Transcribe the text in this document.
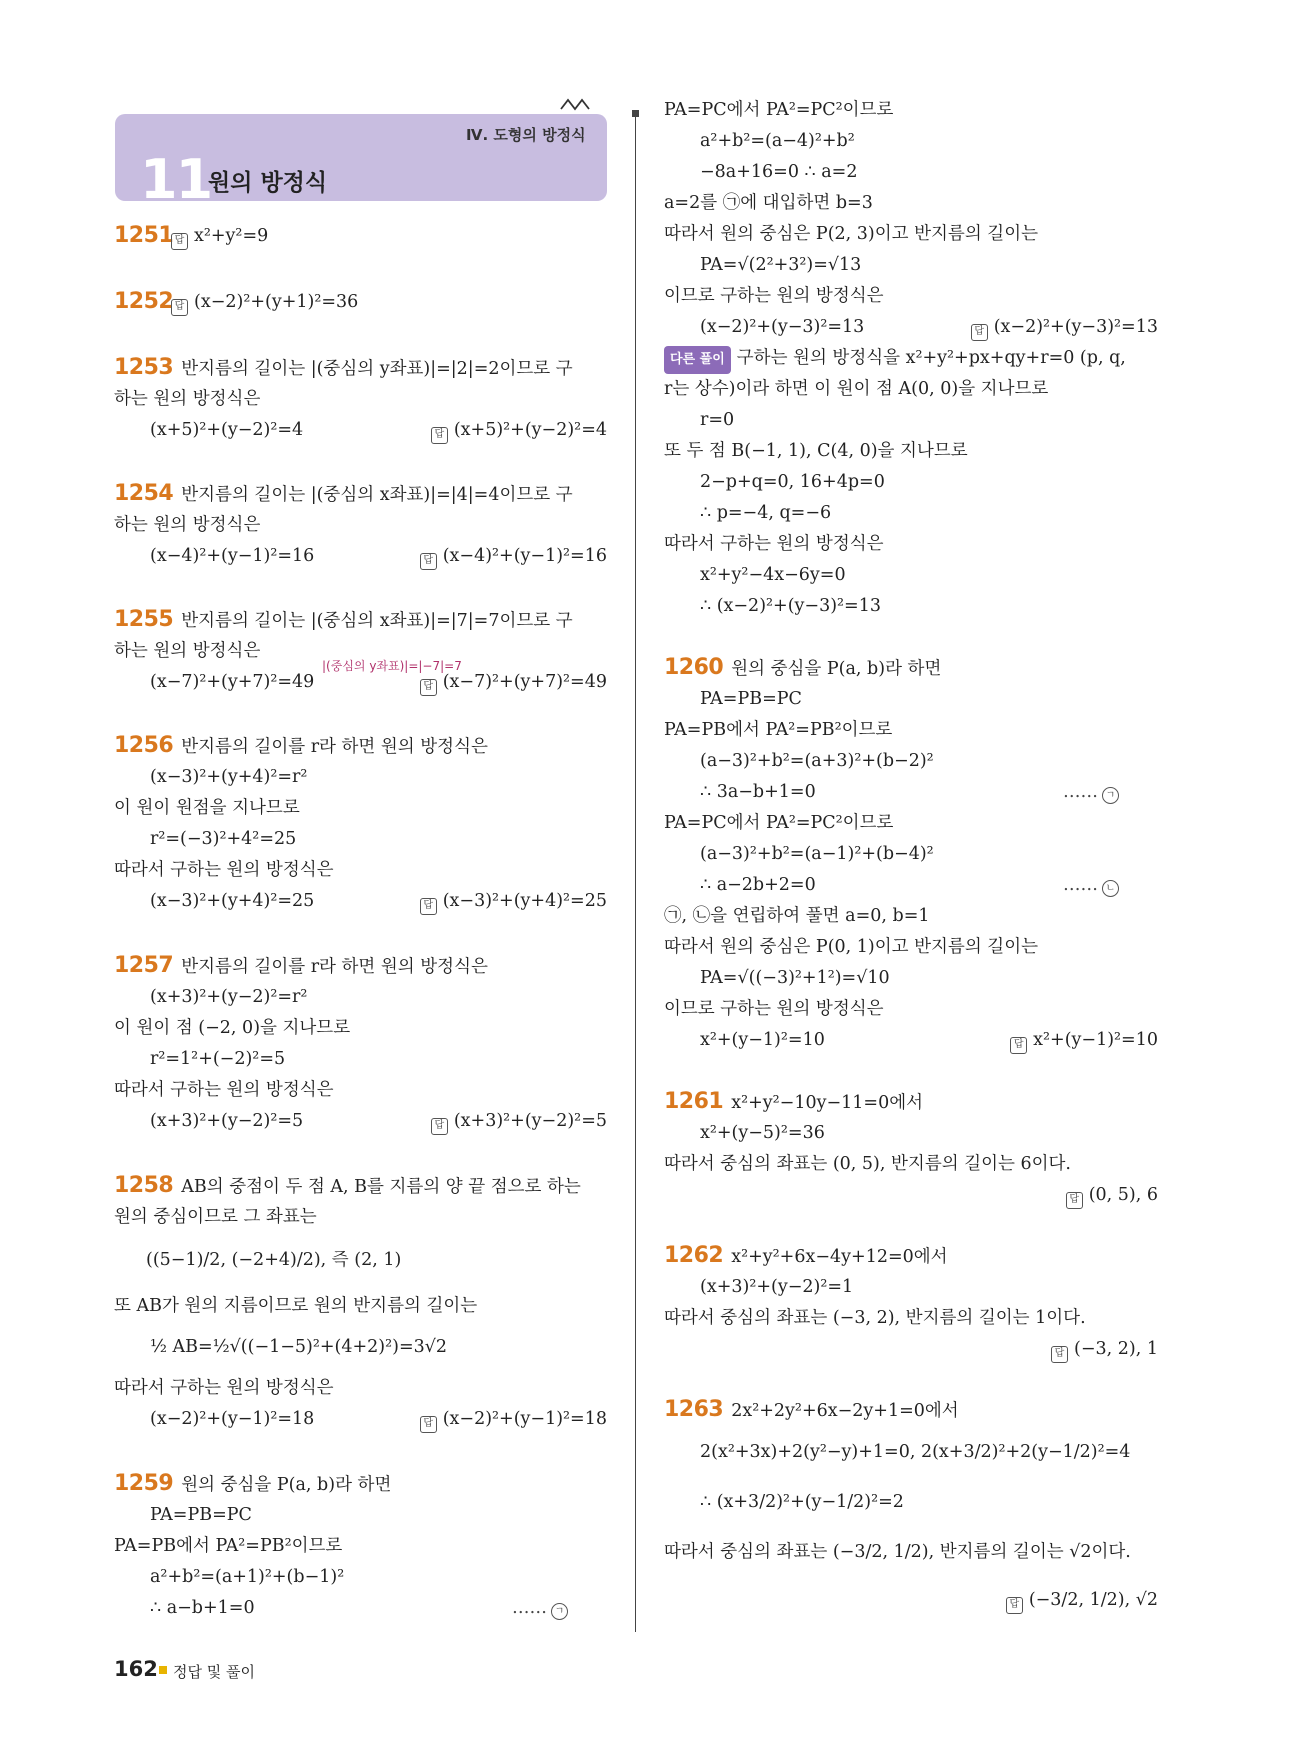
11
원의 방정식
Ⅳ. 도형의 방정식
1251 답 x²+y²=9
1252 답 (x−2)²+(y+1)²=36
1253 반지름의 길이는 |(중심의 y좌표)|=|2|=2이므로 구
하는 원의 방정식은
(x+5)²+(y−2)²=4	답 (x+5)²+(y−2)²=4
1254 반지름의 길이는 |(중심의 x좌표)|=|4|=4이므로 구
하는 원의 방정식은
(x−4)²+(y−1)²=16	답 (x−4)²+(y−1)²=16
1255 반지름의 길이는 |(중심의 x좌표)|=|7|=7이므로 구
하는 원의 방정식은
(x−7)²+(y+7)²=49	답 (x−7)²+(y+7)²=49
1256 반지름의 길이를 r라 하면 원의 방정식은
(x−3)²+(y+4)²=r²
이 원이 원점을 지나므로
r²=(−3)²+4²=25
따라서 구하는 원의 방정식은
(x−3)²+(y+4)²=25	답 (x−3)²+(y+4)²=25
1257 반지름의 길이를 r라 하면 원의 방정식은
(x+3)²+(y−2)²=r²
이 원이 점 (−2, 0)을 지나므로
r²=1²+(−2)²=5
따라서 구하는 원의 방정식은
(x+3)²+(y−2)²=5	답 (x+3)²+(y−2)²=5
1258 AB의 중점이 두 점 A, B를 지름의 양 끝 점으로 하는
원의 중심이므로 그 좌표는
((5−1)/2, (−2+4)/2), 즉 (2, 1)
또 AB가 원의 지름이므로 원의 반지름의 길이는
½ AB=½√((−1−5)²+(4+2)²)=3√2
따라서 구하는 원의 방정식은
(x−2)²+(y−1)²=18	답 (x−2)²+(y−1)²=18
1259 원의 중심을 P(a, b)라 하면
PA=PB=PC
PA=PB에서 PA²=PB²이므로
a²+b²=(a+1)²+(b−1)²
∴ a−b+1=0	…… ㄱ
PA=PC에서 PA²=PC²이므로
a²+b²=(a−4)²+b²
−8a+16=0 ∴ a=2
a=2를 ㉠에 대입하면 b=3
따라서 원의 중심은 P(2, 3)이고 반지름의 길이는
PA=√(2²+3²)=√13
이므로 구하는 원의 방정식은
(x−2)²+(y−3)²=13	답 (x−2)²+(y−3)²=13
다른 풀이 구하는 원의 방정식을 x²+y²+px+qy+r=0 (p, q,
r는 상수)이라 하면 이 원이 점 A(0, 0)을 지나므로
r=0
또 두 점 B(−1, 1), C(4, 0)을 지나므로
2−p+q=0, 16+4p=0
∴ p=−4, q=−6
따라서 구하는 원의 방정식은
x²+y²−4x−6y=0
∴ (x−2)²+(y−3)²=13
1260 원의 중심을 P(a, b)라 하면
PA=PB=PC
PA=PB에서 PA²=PB²이므로
(a−3)²+b²=(a+3)²+(b−2)²
∴ 3a−b+1=0	…… ㄱ
PA=PC에서 PA²=PC²이므로
(a−3)²+b²=(a−1)²+(b−4)²
∴ a−2b+2=0	…… ㄴ
㉠, ㉡을 연립하여 풀면 a=0, b=1
따라서 원의 중심은 P(0, 1)이고 반지름의 길이는
PA=√((−3)²+1²)=√10
이므로 구하는 원의 방정식은
x²+(y−1)²=10	답 x²+(y−1)²=10
1261 x²+y²−10y−11=0에서
x²+(y−5)²=36
따라서 중심의 좌표는 (0, 5), 반지름의 길이는 6이다.
답 (0, 5), 6
1262 x²+y²+6x−4y+12=0에서
(x+3)²+(y−2)²=1
따라서 중심의 좌표는 (−3, 2), 반지름의 길이는 1이다.
답 (−3, 2), 1
1263 2x²+2y²+6x−2y+1=0에서
2(x²+3x)+2(y²−y)+1=0, 2(x+3/2)²+2(y−1/2)²=4
∴ (x+3/2)²+(y−1/2)²=2
따라서 중심의 좌표는 (−3/2, 1/2), 반지름의 길이는 √2이다.
답 (−3/2, 1/2), √2
|(중심의 y좌표)|=|−7|=7
162 정답 및 풀이
